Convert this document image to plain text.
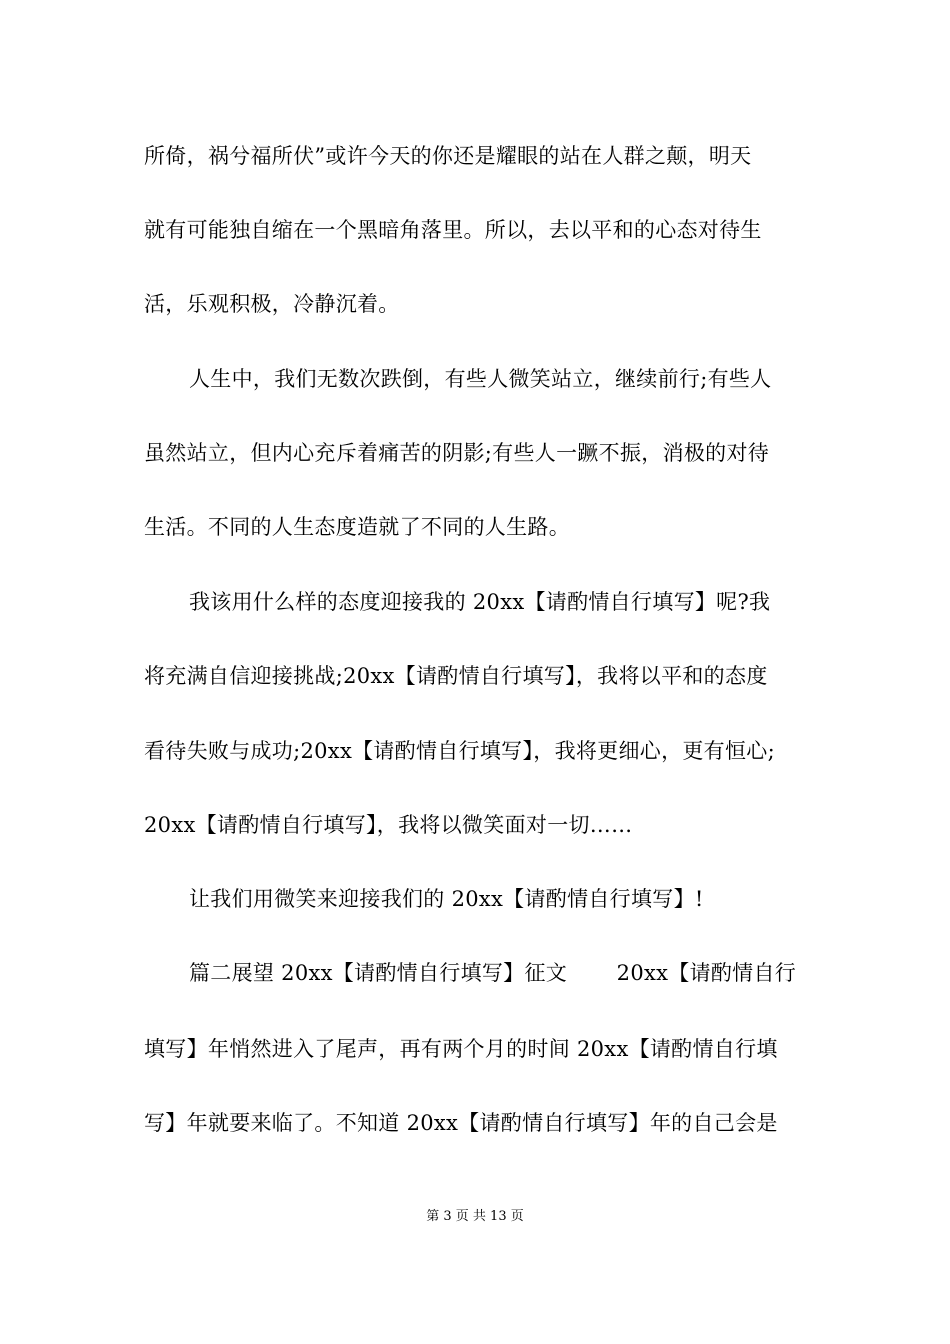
所倚，祸兮福所伏”或许今天的你还是耀眼的站在人群之颠，明天
就有可能独自缩在一个黑暗角落里。所以，去以平和的心态对待生
活，乐观积极，冷静沉着。
人生中，我们无数次跌倒，有些人微笑站立，继续前行;有些人
虽然站立，但内心充斥着痛苦的阴影;有些人一蹶不振，消极的对待
生活。不同的人生态度造就了不同的人生路。
我该用什么样的态度迎接我的 20xx【请酌情自行填写】呢?我
将充满自信迎接挑战;20xx【请酌情自行填写】，我将以平和的态度
看待失败与成功;20xx【请酌情自行填写】，我将更细心，更有恒心;
20xx【请酌情自行填写】，我将以微笑面对一切……
让我们用微笑来迎接我们的 20xx【请酌情自行填写】!
篇二展望 20xx【请酌情自行填写】征文　　 20xx【请酌情自行
填写】年悄然进入了尾声，再有两个月的时间 20xx【请酌情自行填
写】年就要来临了。不知道 20xx【请酌情自行填写】年的自己会是
第 3 页 共 13 页
